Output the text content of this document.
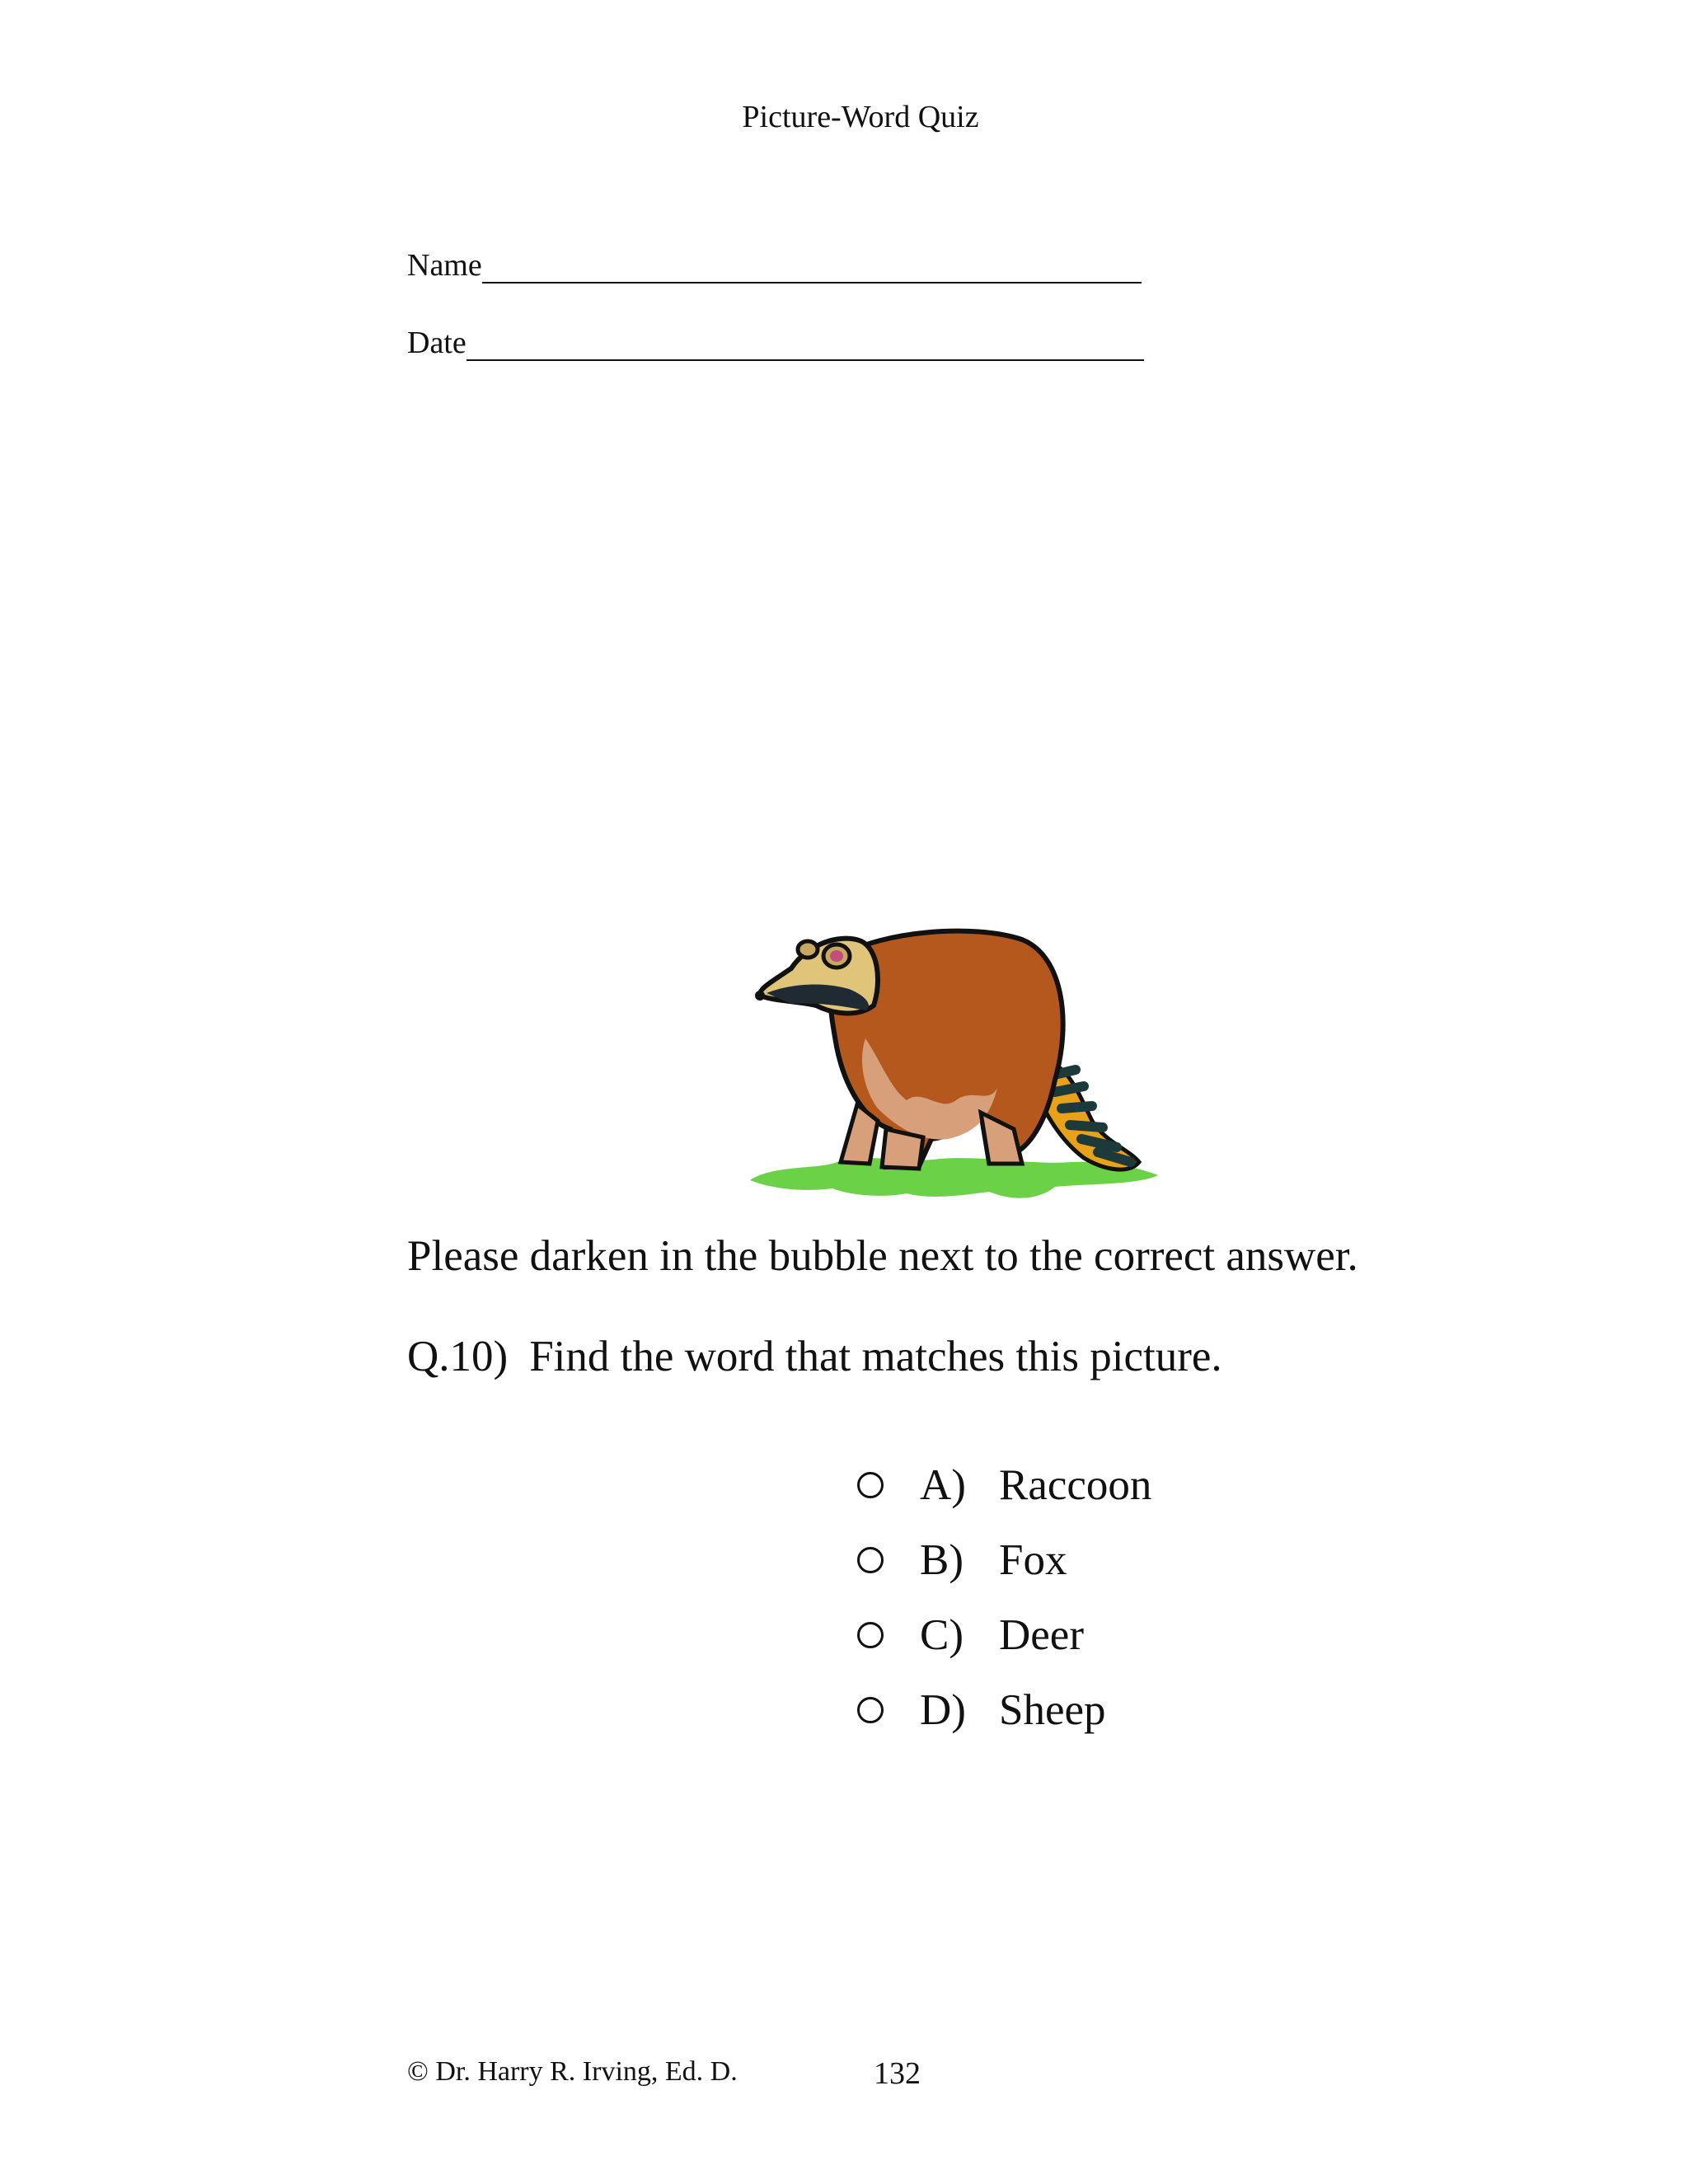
Picture-Word Quiz
Name
Date
Please darken in the bubble next to the correct answer.
Q.10) Find the word that matches this picture.
A) Raccoon
B) Fox
C) Deer
D) Sheep
© Dr. Harry R. Irving, Ed. D.	132
